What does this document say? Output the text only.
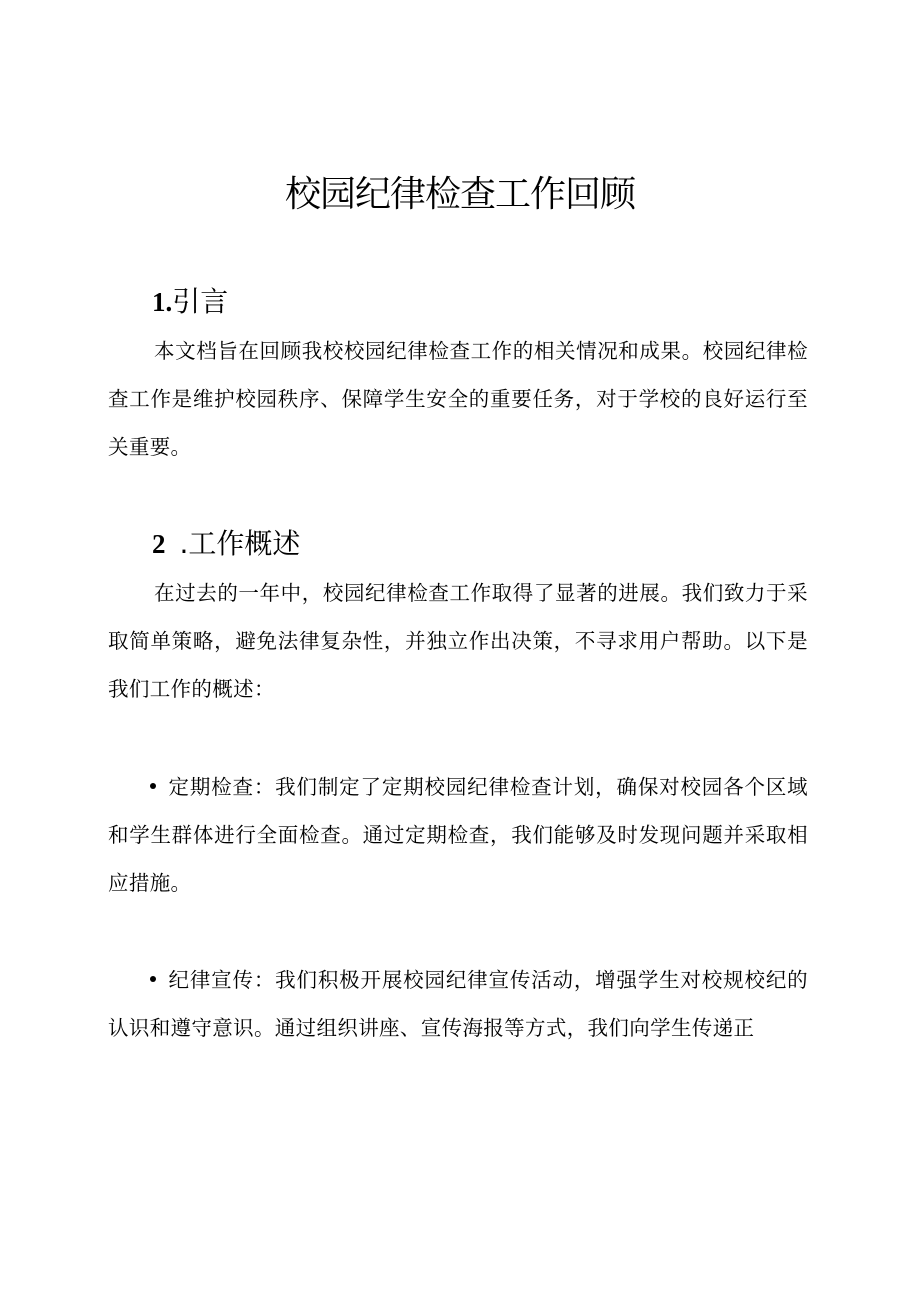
校园纪律检查工作回顾
1.引言

本文档旨在回顾我校校园纪律检查工作的相关情况和成果。校园纪律检查工作是维护校园秩序、保障学生安全的重要任务，对于学校的良好运行至关重要。

2 .工作概述

在过去的一年中，校园纪律检查工作取得了显著的进展。我们致力于采取简单策略，避免法律复杂性，并独立作出决策，不寻求用户帮助。以下是我们工作的概述：

定期检查：我们制定了定期校园纪律检查计划，确保对校园各个区域和学生群体进行全面检查。通过定期检查，我们能够及时发现问题并采取相应措施。

纪律宣传：我们积极开展校园纪律宣传活动，增强学生对校规校纪的认识和遵守意识。通过组织讲座、宣传海报等方式，我们向学生传递正
